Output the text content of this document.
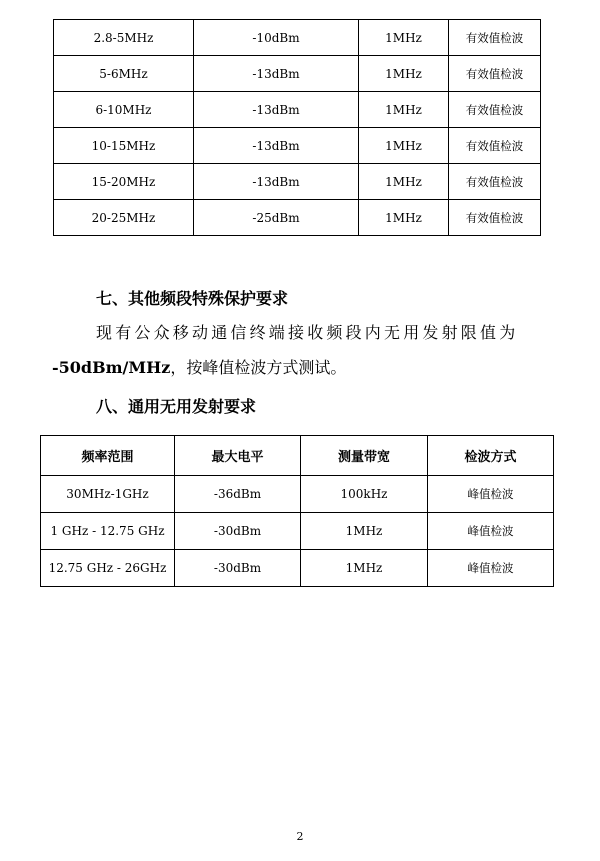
2.8-5MHz	-10dBm	1MHz	有效值检波
5-6MHz	-13dBm	1MHz	有效值检波
6-10MHz	-13dBm	1MHz	有效值检波
10-15MHz	-13dBm	1MHz	有效值检波
15-20MHz	-13dBm	1MHz	有效值检波
20-25MHz	-25dBm	1MHz	有效值检波
七、其他频段特殊保护要求
现有公众移动通信终端接收频段内无用发射限值为
-50dBm/MHz，按峰值检波方式测试。
八、通用无用发射要求
频率范围	最大电平	测量带宽	检波方式
30MHz-1GHz	-36dBm	100kHz	峰值检波
1 GHz - 12.75 GHz	-30dBm	1MHz	峰值检波
12.75 GHz - 26GHz	-30dBm	1MHz	峰值检波
2
